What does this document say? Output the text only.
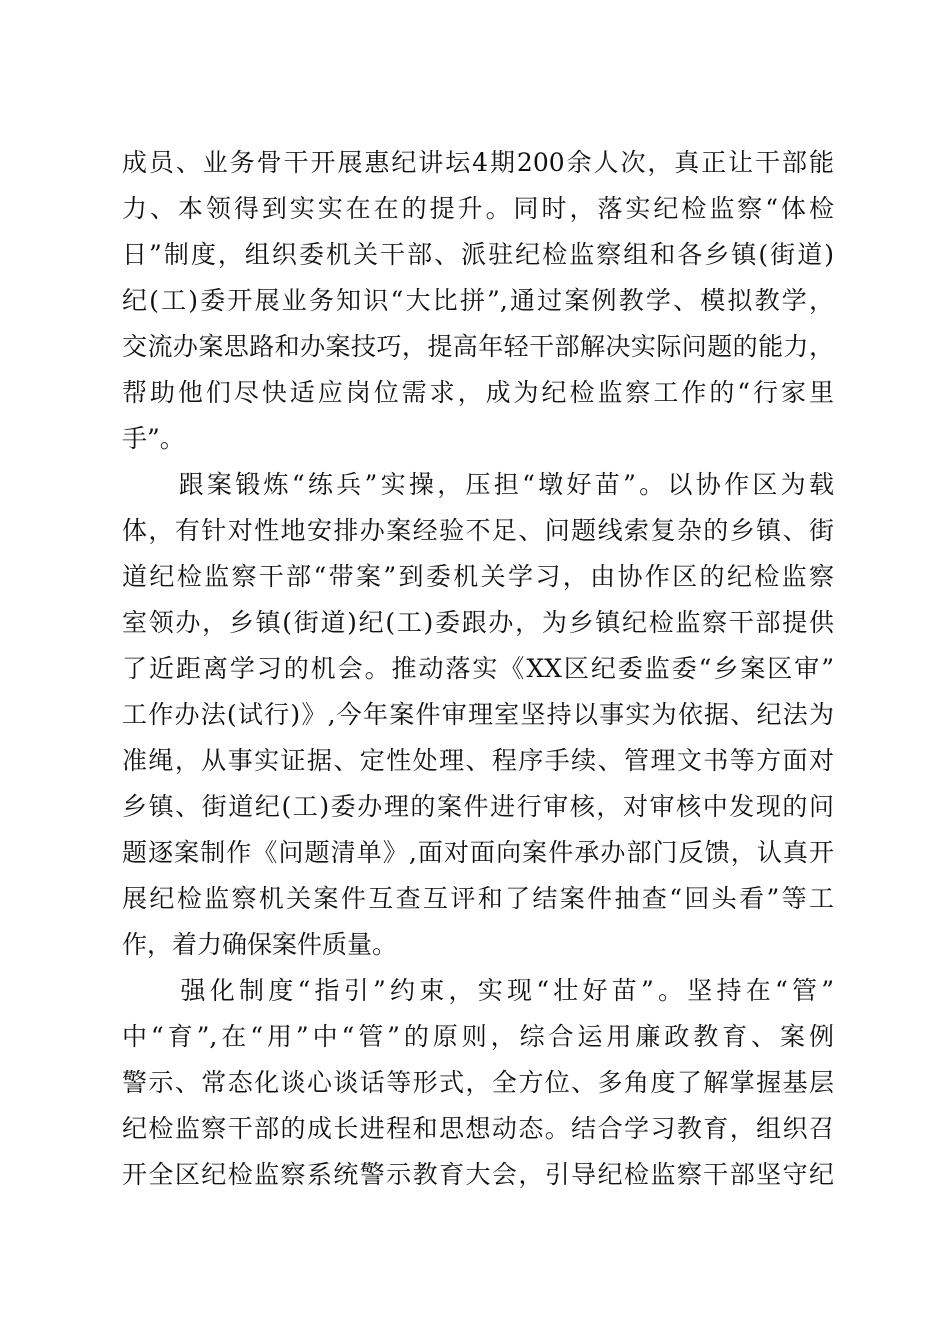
成员、业务骨干开展惠纪讲坛4期200余人次，真正让干部能
力、本领得到实实在在的提升。同时，落实纪检监察“体检
日”制度，组织委机关干部、派驻纪检监察组和各乡镇(街道)
纪(工)委开展业务知识“大比拼”,通过案例教学、模拟教学，
交流办案思路和办案技巧，提高年轻干部解决实际问题的能力，
帮助他们尽快适应岗位需求，成为纪检监察工作的“行家里
手”。
　　跟案锻炼“练兵”实操，压担“墩好苗”。以协作区为载
体，有针对性地安排办案经验不足、问题线索复杂的乡镇、街
道纪检监察干部“带案”到委机关学习，由协作区的纪检监察
室领办，乡镇(街道)纪(工)委跟办，为乡镇纪检监察干部提供
了近距离学习的机会。推动落实《XX区纪委监委“乡案区审”
工作办法(试行)》,今年案件审理室坚持以事实为依据、纪法为
准绳，从事实证据、定性处理、程序手续、管理文书等方面对
乡镇、街道纪(工)委办理的案件进行审核，对审核中发现的问
题逐案制作《问题清单》,面对面向案件承办部门反馈，认真开
展纪检监察机关案件互查互评和了结案件抽查“回头看”等工
作，着力确保案件质量。
　　强化制度“指引”约束，实现“壮好苗”。坚持在“管”
中“育”,在“用”中“管”的原则，综合运用廉政教育、案例
警示、常态化谈心谈话等形式，全方位、多角度了解掌握基层
纪检监察干部的成长进程和思想动态。结合学习教育，组织召
开全区纪检监察系统警示教育大会，引导纪检监察干部坚守纪
